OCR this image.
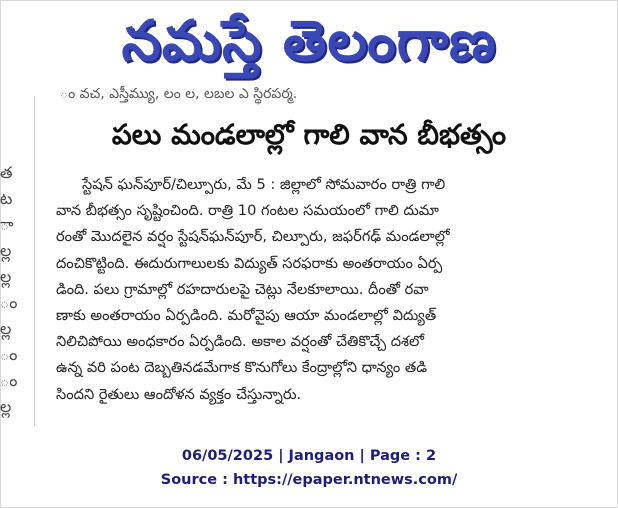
నమస్తే తెలంగాణ
త
ట
ా
ల్ల
ల్ల
ం
ల్ల
ం
ం
ల్ల
ం వచ, ఎస్తీమ్యు, లం ల, లబల ఎ స్థిరపర్మ.
పలు మండలాల్లో గాలి వాన బీభత్సం
స్టేషన్ ఘన్‌పూర్/చిల్పూరు, మే 5 : జిల్లాలో సోమవారం రాత్రి గాలి
వాన బీభత్సం సృష్టించింది. రాత్రి 10 గంటల సమయంలో గాలి దుమా
రంతో మొదలైన వర్షం స్టేషన్‌ఘన్‌పూర్, చిల్పూరు, జఫర్‌గఢ్ మండలాల్లో
దంచికొట్టింది. ఈదురుగాలులకు విద్యుత్ సరఫరాకు అంతరాయం ఏర్ప
డింది. పలు గ్రామాల్లో రహదారులపై చెట్లు నేలకూలాయి. దీంతో రవా
ణాకు అంతరాయం ఏర్పడింది. మరోవైపు ఆయా మండలాల్లో విద్యుత్
నిలిచిపోయి అంధకారం ఏర్పడింది. అకాల వర్షంతో చేతికొచ్చే దశలో
ఉన్న వరి పంట దెబ్బతినడమేగాక కొనుగోలు కేంద్రాల్లోని ధాన్యం తడి
సిందని రైతులు ఆందోళన వ్యక్తం చేస్తున్నారు.
06/05/2025 | Jangaon | Page : 2
Source : https://epaper.ntnews.com/
